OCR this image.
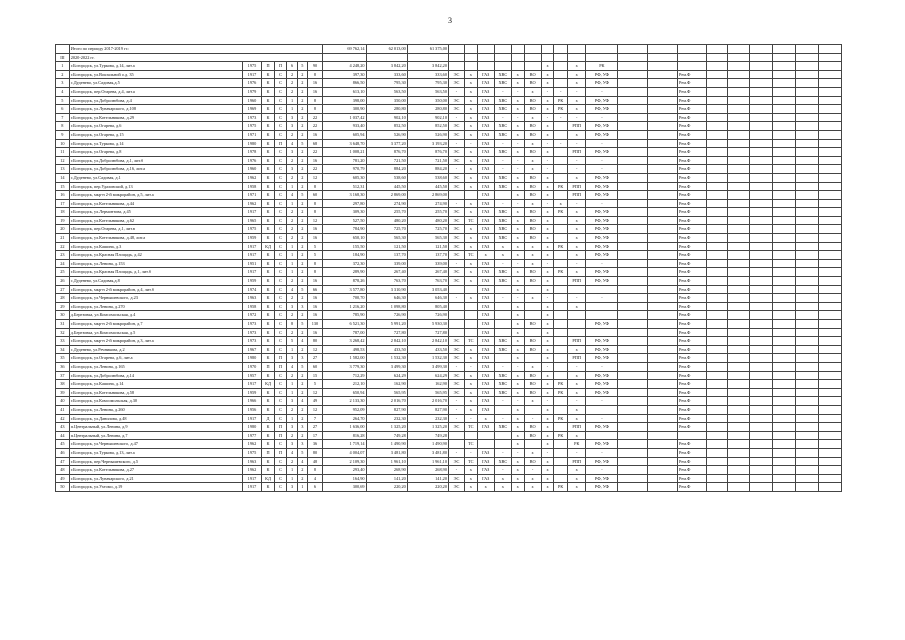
3
	Итого по периоду 2017-2019 гг.:							69 762,14	62 013,00	61 375,00																			
III	2020-2022 гг.																												
1	г.Богородск, ул.Туркова, д.14, лит.а	1975	П	П	6	5	90	4 248,20	3 842,20	3 842,20							х		х	РК									
2	г.Богородск, ул.Вокзальной о.д. 35	1917	К	С	2	2	8	397,30	333,60	333,60	ЭС	х	ГАЗ	ХВС	х	ВО	х		х	РФ, УФ			Рем.Ф						
3	с.Дуденево, ул.Садовая,д.5	1976	К	С	2	2	16	866,50	795,30	795,30	ЭС	х	ГАЗ	ХВС	х	ВО	х		х	РФ, УФ			Рем.Ф						
4	г.Богородск, пер.Огарева, д.4, лит.а	1979	К	С	2	2	16	613,10	563,50	563,50	-	х	ГАЗ	-	-	х	-	-	-	-			Рем.Ф						
5	г.Богородск, ул.Добролюбова, д.4	1960	К	С	1	2	8	398,00	350,00	350,00	ЭС	х	ГАЗ	ХВС	х	ВО	х	РК	х	РФ, УФ			Рем.Ф						
6	г.Богородск, ул.Луначарского, д.108	1969	К	С	1	2	8	300,90	280,80	280,80	ЭС	х	ГАЗ	ХВС	х	ВО	х	РК	х	РФ, УФ			Рем.Ф						
7	г.Богородск, ул.Котельникова, д.29	1973	К	С	3	2	22	1 037,42	902,10	902,10	-	х	ГАЗ	-	-	х	-	-	-	-			Рем.Ф						
8	г.Богородск, ул.Огарева, д.6	1975	К	С	3	2	22	933,40	852,50	852,50	ЭС	х	ГАЗ	ХВС	х	ВО	х		РПП	РФ, УФ			Рем.Ф						
9	г.Богородск, ул.Огарева, д.15	1971	К	С	2	2	16	605,94	526,90	526,90	ЭС	х	ГАЗ	ХВС	х	ВО	х		х	РФ, УФ			Рем.Ф						
10	г.Богородск, ул.Туркова, д.14	1980	К	П	4	5	68	3 648,70	3 377,20	3 193,20	-	-	ГАЗ	-	-	х	-	-	-	-			Рем.Ф						
11	г.Богородск, ул.Огарева, д.8	1978	К	С	3	2	22	1 008,21	876,70	876,70	ЭС	х	ГАЗ	ХВС	х	ВО	х		РПП	РФ, УФ			Рем.Ф						
12	г.Богородск, ул.Добролюбова, д.1, лит.б	1976	К	С	2	2	16	781,20	721,50	721,50	ЭС	х	ГАЗ	-	-	х	-		-	-			Рем.Ф						
13	г.Богородск, ул.Добролюбова, д.16, лит.а	1960	К	С	3	2	22	970,79	884,20	884,20	-	х	ГАЗ	-	-	х	-		-	-			Рем.Ф						
14	с.Дуденево, ул.Садовая, д.1	1962	К	С	2	2	12	605,30	538,60	538,60	ЭС	х	ГАЗ	ХВС	х	ВО	х		х	РФ, УФ			Рем.Ф						
15	г.Богородск, пер.Удаловский, д.13	1958	К	С	1	2	8	512,31	445,50	445,50	ЭС	х	ГАЗ	ХВС	х	ВО	х	РК	РПП	РФ, УФ			Рем.Ф						
16	г.Богородск, мкр-н 2-й микрорайон, д.5, лит.а	1971	К	С	4	5	60	3 168,30	2 869,00	2 869,00			ГАЗ		х	ВО	х		РПП	РФ, УФ			Рем.Ф						
17	г.Богородск, ул.Котельникова, д.44	1962	К	С	1	2	8	297,80	274,90	274,90	-	х	ГАЗ	-	-	х	-	х	-	-			Рем.Ф						
18	г.Богородск, ул.Лермонтова, д.45	1917	К	С	2	2	8	309,30	255,70	255,70	ЭС	х	ГАЗ	ХВС	х	ВО	х	РК	х	РФ, УФ			Рем.Ф						
19	г.Богородск, ул.Котельникова, д.62	1965	К	С	2	2	12	527,50	480,20	480,20	ЭС	ТС	ГАЗ	ХВС	х	ВО	х		х	РФ, УФ			Рем.Ф						
20	г.Богородск, пер.Огарева, д.1, лит.в	1975	К	С	2	2	16	784,90	725,70	725,70	ЭС	х	ГАЗ	ХВС	х	ВО	х		х	РФ, УФ			Рем.Ф						
21	г.Богородск, ул.Котельникова, д.48, лит.а	1959	К	С	2	2	16	650,10	565,30	565,30	ЭС	х	ГАЗ	ХВС	х	ВО	х		х	РФ, УФ			Рем.Ф						
22	г.Богородск, ул.Кашина, д.3	1917	КД	С	1	2	5	155,50	121,50	121,50	ЭС	х	ГАЗ	х	х	х	х	РК	х	РФ, УФ			Рем.Ф						
23	г.Богородск, ул.Красная Площадь, д.42	1917	К	С	1	2	5	184,90	137,70	137,70	ЭС	ТС	х	х	х	х	х		х	РФ, УФ			Рем.Ф						
24	г.Богородск, ул.Ленина, д.153	1951	К	С	1	2	8	372,30	339,00	339,00	-	х	ГАЗ	-	-	х	-		-	-			Рем.Ф						
25	г.Богородск, ул.Красная Площадь, д.1, лит.б	1917	К	С	1	2	8	289,90	267,40	267,40	ЭС	х	ГАЗ	ХВС	х	ВО	х	РК	х	РФ, УФ			Рем.Ф						
26	с.Дуденево, ул.Садовая,д.8	1959	К	С	2	2	16	878,26	763,70	763,70	ЭС	х	ГАЗ	ХВС	х	ВО	х		РПП	РФ, УФ			Рем.Ф						
27	г.Богородск, мкр-н 2-й микрорайон, д.4, лит.б	1974	К	С	4	5	66	3 577,80	3 310,90	3 053,40			ГАЗ		х		х						Рем.Ф						
28	г.Богородск, ул.Чернышевского, д.23	1963	К	С	2	2	16	700,70	646,30	646,30	-	х	ГАЗ	-	-	х	-		-	-			Рем.Ф						
29	г.Богородск, ул.Ленина, д.270	1958	К	С	3	3	16	1 216,20	1 098,80	805,40			ГАЗ		х		х		х				Рем.Ф						
30	д.Березовка, ул.Комсомольская, д.4	1972	К	С	2	2	16	785,90	726,90	726,90			ГАЗ		х		х						Рем.Ф						
31	г.Богородск, мкр-н 2-й микрорайон, д.7	1973	К	С	8	5	130	6 521,30	5 991,20	5 930,30			ГАЗ		х	ВО	х			РФ, УФ			Рем.Ф						
32	д.Березовка, ул.Комсомольская, д.5	1973	К	С	2	2	16	787,00	727,80	727,80			ГАЗ		х		х						Рем.Ф						
33	г.Богородск, мкр-н 2-й микрорайон, д.3, лит.а	1973	К	С	5	4	80	3 268,42	2 842,10	2 842,10	ЭС	ТС	ГАЗ	ХВС	х	ВО	х		РПП	РФ, УФ			Рем.Ф						
34	с.Дуденево, ул.Речникова, д.2	1967	К	С	1	2	12	498,53	433,50	433,50	ЭС	х	ГАЗ	ХВС	х	ВО	х		х	РФ, УФ			Рем.Ф						
35	г.Богородск, ул.Огарева, д.6, лит.а	1980	К	П	3	3	27	1 582,00	1 532,30	1 532,30	ЭС	х	ГАЗ		х		х		РПП	РФ, УФ			Рем.Ф						
36	г.Богородск, ул.Ленина, д.165	1970	П	П	4	5	60	3 779,30	3 499,30	3 499,30	-	-	ГАЗ	-	-	х	-		-	-			Рем.Ф						
37	г.Богородск, ул.Добролюбова, д.14	1957	К	С	2	2	15	712,29	624,29	624,29	ЭС	х	ГАЗ	ХВС	х	ВО	х		х	РФ, УФ			Рем.Ф						
38	г.Богородск, ул.Кашина, д.14	1917	КД	С	1	2	5	212,10	162,90	162,90	ЭС	х	ГАЗ	ХВС	х	ВО	х	РК	х	РФ, УФ			Рем.Ф						
39	г.Богородск, ул.Котельникова, д.58	1959	К	С	1	2	12	650,94	565,95	565,95	ЭС	х	ГАЗ	ХВС	х	ВО	х	РК	х	РФ, УФ			Рем.Ф						
40	г.Богородск, ул.Комсомольская, д.30	1966	К	С	3	4	49	2 133,30	2 016,70	2 016,70	-	х	ГАЗ	-	-	х	-		-	-			Рем.Ф						
41	г.Богородск, ул.Ленина, д.260	1956	К	С	2	2	12	952,09	827,90	827,90	-	х	ГАЗ		х		х		х				Рем.Ф						
42	г.Богородск, ул.Данилова, д.48	1917	Д	С	1	2	7	264,70	232,30	232,30	-	-	х	-	х	-	х	РК	х	-			Рем.Ф						
43	п.Центральный, ул.Ленина, д.9	1980	К	П	3	3	27	1 636,00	1 325,20	1 325,20	ЭС	ТС	ГАЗ	ХВС	х	ВО	х		РПП	РФ, УФ			Рем.Ф						
44	п.Центральный, ул.Ленина, д.7	1977	К	П	2	2	17	816,28	749,28	749,28					х	ВО	х	РК	х										
45	г.Богородск, ул.Чернышевского, д.47	1962	К	С	3	3	36	1 719,14	1 490,90	1 490,90		ТС			х		х		РК	РФ, УФ			Рем.Ф						
46	г.Богородск, ул.Туркова, д.13, лит.а	1975	П	П	4	5	80	4 004,07	3 481,80	3 481,80	-	-	ГАЗ	-	-	х	-		-	-			Рем.Ф						
47	г.Богородск, пер.Чернышевского, д.5	1963	К	С	2	4	48	2 109,30	1 961,10	1 961,10	ЭС	ТС	ГАЗ	ХВС	х	ВО	х		РПП	РФ, УФ			Рем.Ф						
48	г.Богородск, ул.Котельникова, д.27	1962	К	С	1	2	8	293,40	268,90	268,90	-	х	ГАЗ	-	х	-	х		х	-			Рем.Ф						
49	г.Богородск, ул.Луначарского, д.21	1917	КД	С	1	2	4	164,90	141,20	141,20	ЭС	х	ГАЗ	х	х	х	х		х	РФ, УФ			Рем.Ф						
50	г.Богородск, ул.Ухтомо, д.19	1917	К	С	3	1	6	300,69	220,20	220,20	ЭС	х	х	х	х	х	х	РК	х	РФ, УФ			Рем.Ф						
